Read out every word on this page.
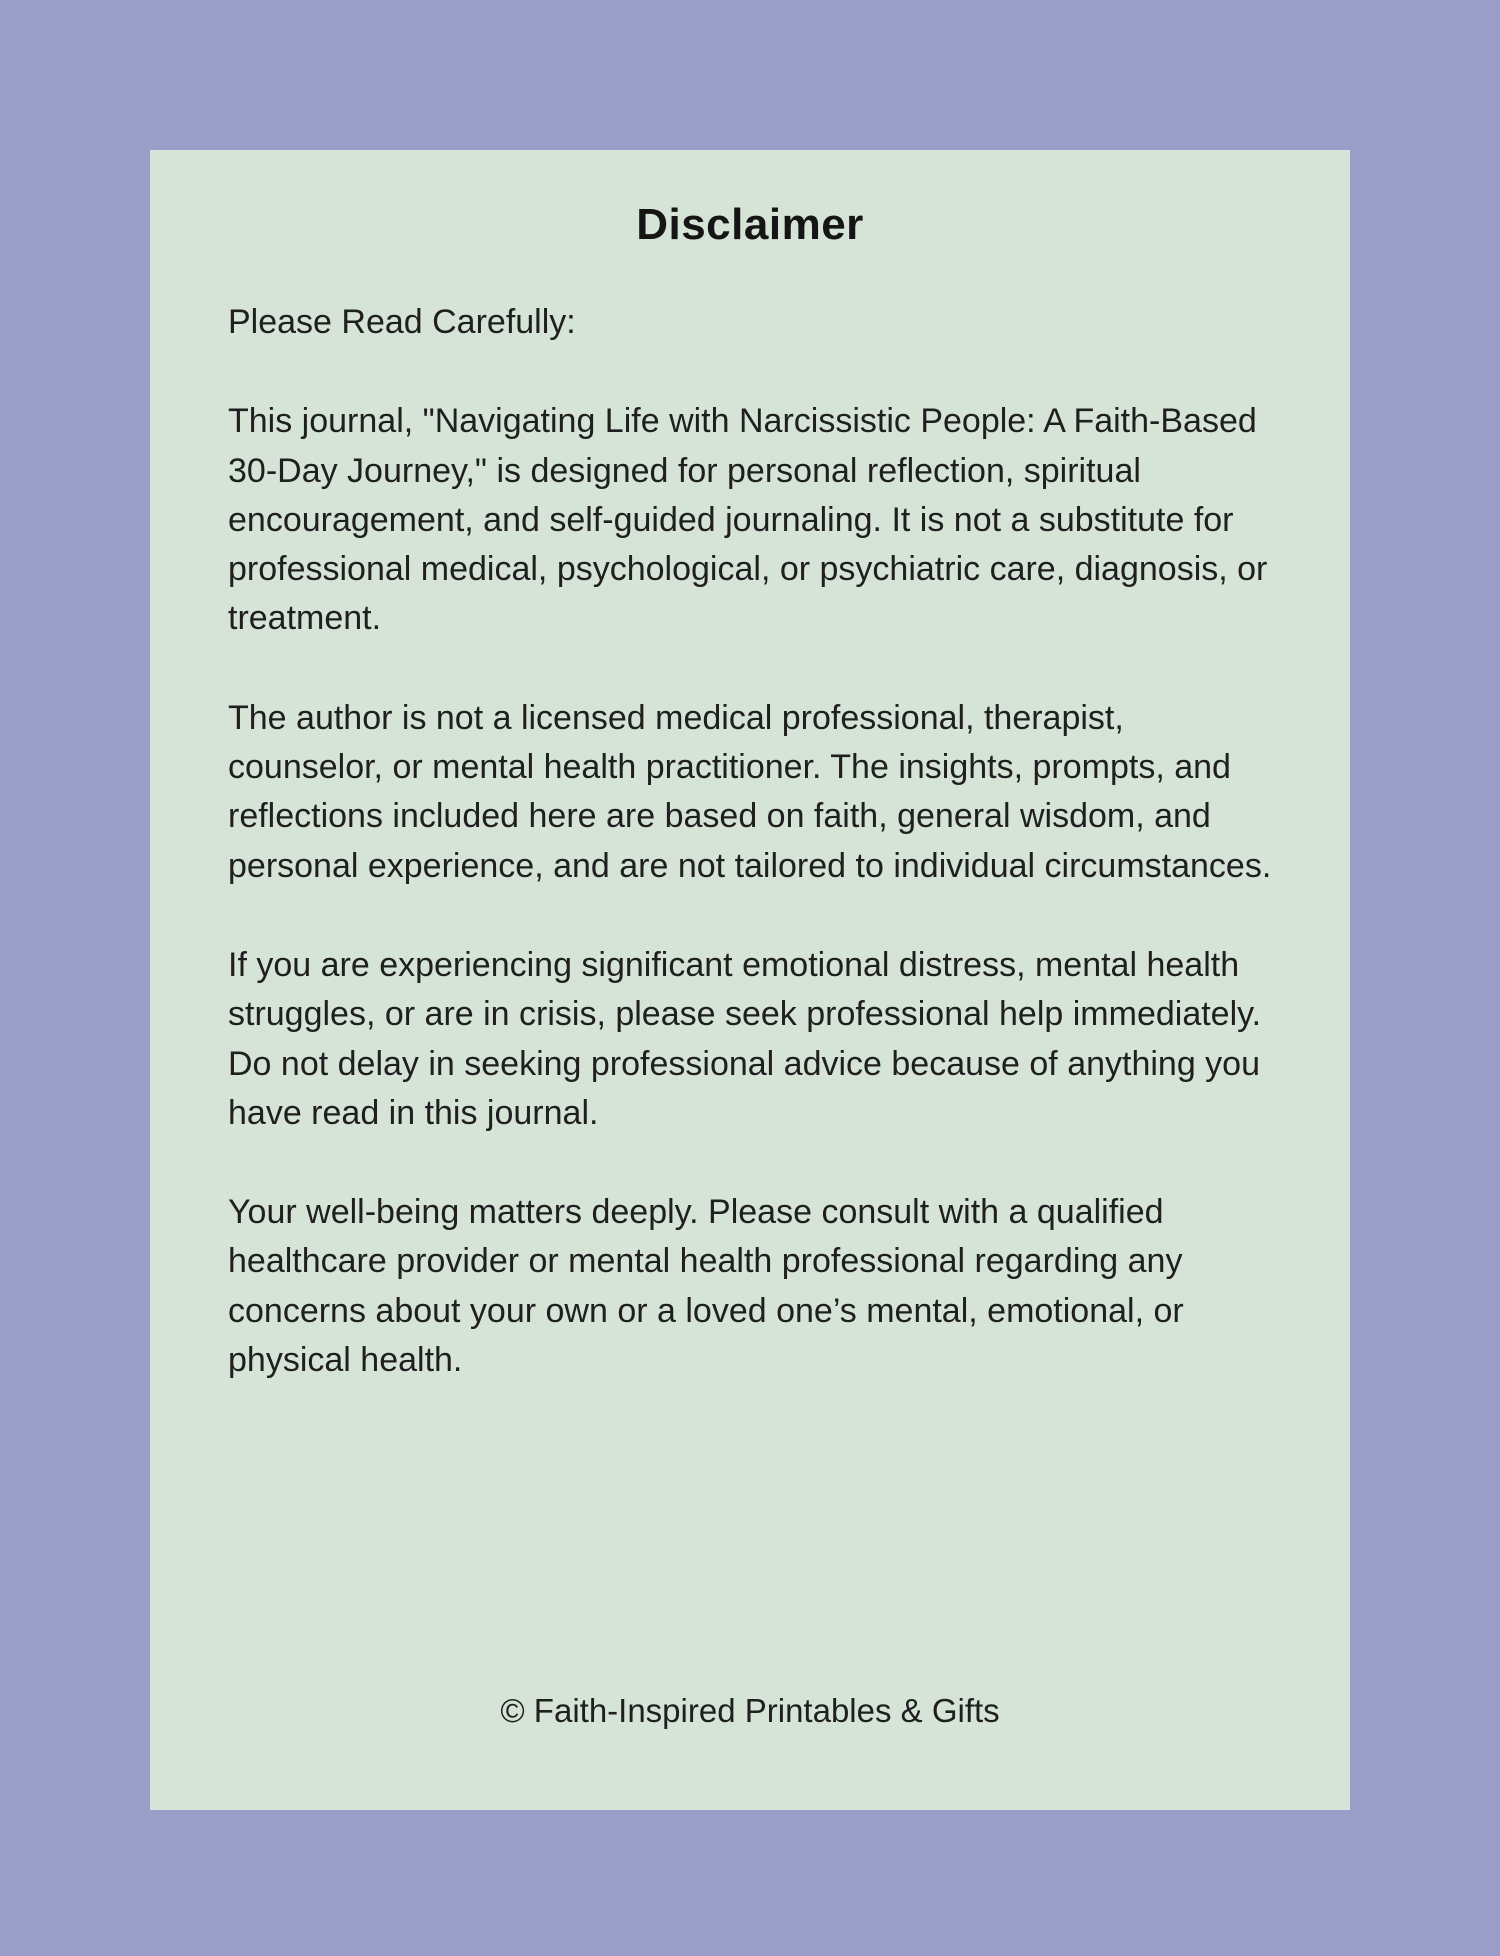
Disclaimer

Please Read Carefully:

This journal, "Navigating Life with Narcissistic People: A Faith-Based 30-Day Journey," is designed for personal reflection, spiritual encouragement, and self-guided journaling. It is not a substitute for professional medical, psychological, or psychiatric care, diagnosis, or treatment.

The author is not a licensed medical professional, therapist, counselor, or mental health practitioner. The insights, prompts, and reflections included here are based on faith, general wisdom, and personal experience, and are not tailored to individual circumstances.

If you are experiencing significant emotional distress, mental health struggles, or are in crisis, please seek professional help immediately. Do not delay in seeking professional advice because of anything you have read in this journal.

Your well-being matters deeply. Please consult with a qualified healthcare provider or mental health professional regarding any concerns about your own or a loved one’s mental, emotional, or physical health.

© Faith-Inspired Printables & Gifts
